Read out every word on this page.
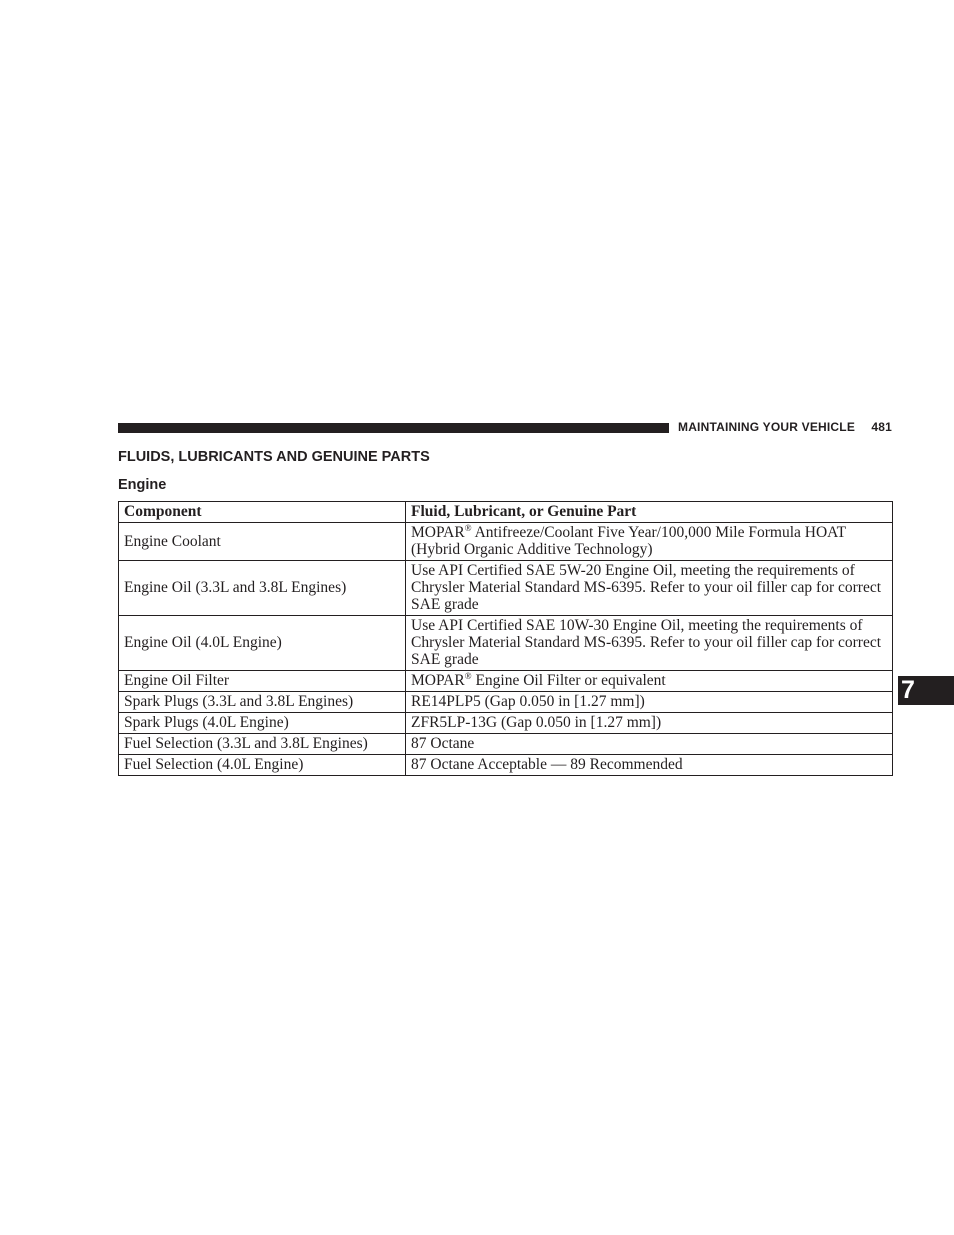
MAINTAINING YOUR VEHICLE 481
FLUIDS, LUBRICANTS AND GENUINE PARTS
Engine
Component	Fluid, Lubricant, or Genuine Part
Engine Coolant	MOPAR® Antifreeze/Coolant Five Year/100,000 Mile Formula HOAT (Hybrid Organic Additive Technology)
Engine Oil (3.3L and 3.8L Engines)	Use API Certified SAE 5W-20 Engine Oil, meeting the requirements of Chrysler Material Standard MS-6395. Refer to your oil filler cap for correct SAE grade
Engine Oil (4.0L Engine)	Use API Certified SAE 10W-30 Engine Oil, meeting the requirements of Chrysler Material Standard MS-6395. Refer to your oil filler cap for correct SAE grade
Engine Oil Filter	MOPAR® Engine Oil Filter or equivalent
Spark Plugs (3.3L and 3.8L Engines)	RE14PLP5 (Gap 0.050 in [1.27 mm])
Spark Plugs (4.0L Engine)	ZFR5LP-13G (Gap 0.050 in [1.27 mm])
Fuel Selection (3.3L and 3.8L Engines)	87 Octane
Fuel Selection (4.0L Engine)	87 Octane Acceptable — 89 Recommended
7
